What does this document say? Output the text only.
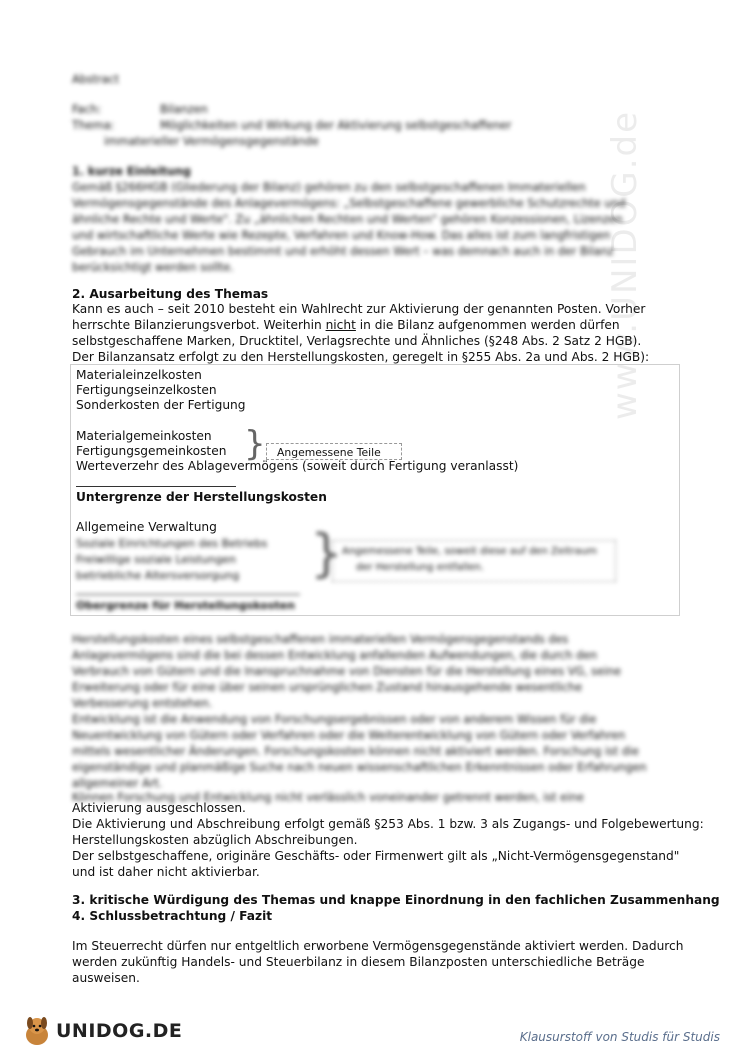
www.UNIDOG.de
Abstract
Fach:	Bilanzen
Thema:	Möglichkeiten und Wirkung der Aktivierung selbstgeschaffener
immaterieller Vermögensgegenstände
1. kurze Einleitung
Gemäß §266HGB (Gliederung der Bilanz) gehören zu den selbstgeschaffenen Immateriellen
Vermögensgegenstände des Anlagevermögens: „Selbstgeschaffene gewerbliche Schutzrechte und
ähnliche Rechte und Werte". Zu „ähnlichen Rechten und Werten" gehören Konzessionen, Lizenzen
und wirtschaftliche Werte wie Rezepte, Verfahren und Know-How. Das alles ist zum langfristigen
Gebrauch im Unternehmen bestimmt und erhöht dessen Wert – was demnach auch in der Bilanz
berücksichtigt werden sollte.
2. Ausarbeitung des Themas
Kann es auch – seit 2010 besteht ein Wahlrecht zur Aktivierung der genannten Posten. Vorher
herrschte Bilanzierungsverbot. Weiterhin nicht in die Bilanz aufgenommen werden dürfen
selbstgeschaffene Marken, Drucktitel, Verlagsrechte und Ähnliches (§248 Abs. 2 Satz 2 HGB).
Der Bilanzansatz erfolgt zu den Herstellungskosten, geregelt in §255 Abs. 2a und Abs. 2 HGB):
Materialeinzelkosten
Fertigungseinzelkosten
Sonderkosten der Fertigung
Materialgemeinkosten
Fertigungsgemeinkosten
Werteverzehr des Ablagevermögens (soweit durch Fertigung veranlasst)
}	Angemessene Teile
Untergrenze der Herstellungskosten
Allgemeine Verwaltung
Soziale Einrichtungen des Betriebs
Freiwillige soziale Leistungen
betriebliche Altersversorgung }
Angemessene Teile, soweit diese auf den Zeitraum
der Herstellung entfallen.
Obergrenze für Herstellungskosten
Herstellungskosten eines selbstgeschaffenen immateriellen Vermögensgegenstands des
Anlagevermögens sind die bei dessen Entwicklung anfallenden Aufwendungen, die durch den
Verbrauch von Gütern und die Inanspruchnahme von Diensten für die Herstellung eines VG, seine
Erweiterung oder für eine über seinen ursprünglichen Zustand hinausgehende wesentliche
Verbesserung entstehen.
Entwicklung ist die Anwendung von Forschungsergebnissen oder von anderem Wissen für die
Neuentwicklung von Gütern oder Verfahren oder die Weiterentwicklung von Gütern oder Verfahren
mittels wesentlicher Änderungen. Forschungskosten können nicht aktiviert werden. Forschung ist die
eigenständige und planmäßige Suche nach neuen wissenschaftlichen Erkenntnissen oder Erfahrungen
allgemeiner Art.
Können Forschung und Entwicklung nicht verlässlich voneinander getrennt werden, ist eine
Aktivierung ausgeschlossen.
Die Aktivierung und Abschreibung erfolgt gemäß §253 Abs. 1 bzw. 3 als Zugangs- und Folgebewertung:
Herstellungskosten abzüglich Abschreibungen.
Der selbstgeschaffene, originäre Geschäfts- oder Firmenwert gilt als „Nicht-Vermögensgegenstand"
und ist daher nicht aktivierbar.
3. kritische Würdigung des Themas und knappe Einordnung in den fachlichen Zusammenhang
4. Schlussbetrachtung / Fazit
Im Steuerrecht dürfen nur entgeltlich erworbene Vermögensgegenstände aktiviert werden. Dadurch
werden zukünftig Handels- und Steuerbilanz in diesem Bilanzposten unterschiedliche Beträge
ausweisen.
UNIDOG.DE	Klausurstoff von Studis für Studis
